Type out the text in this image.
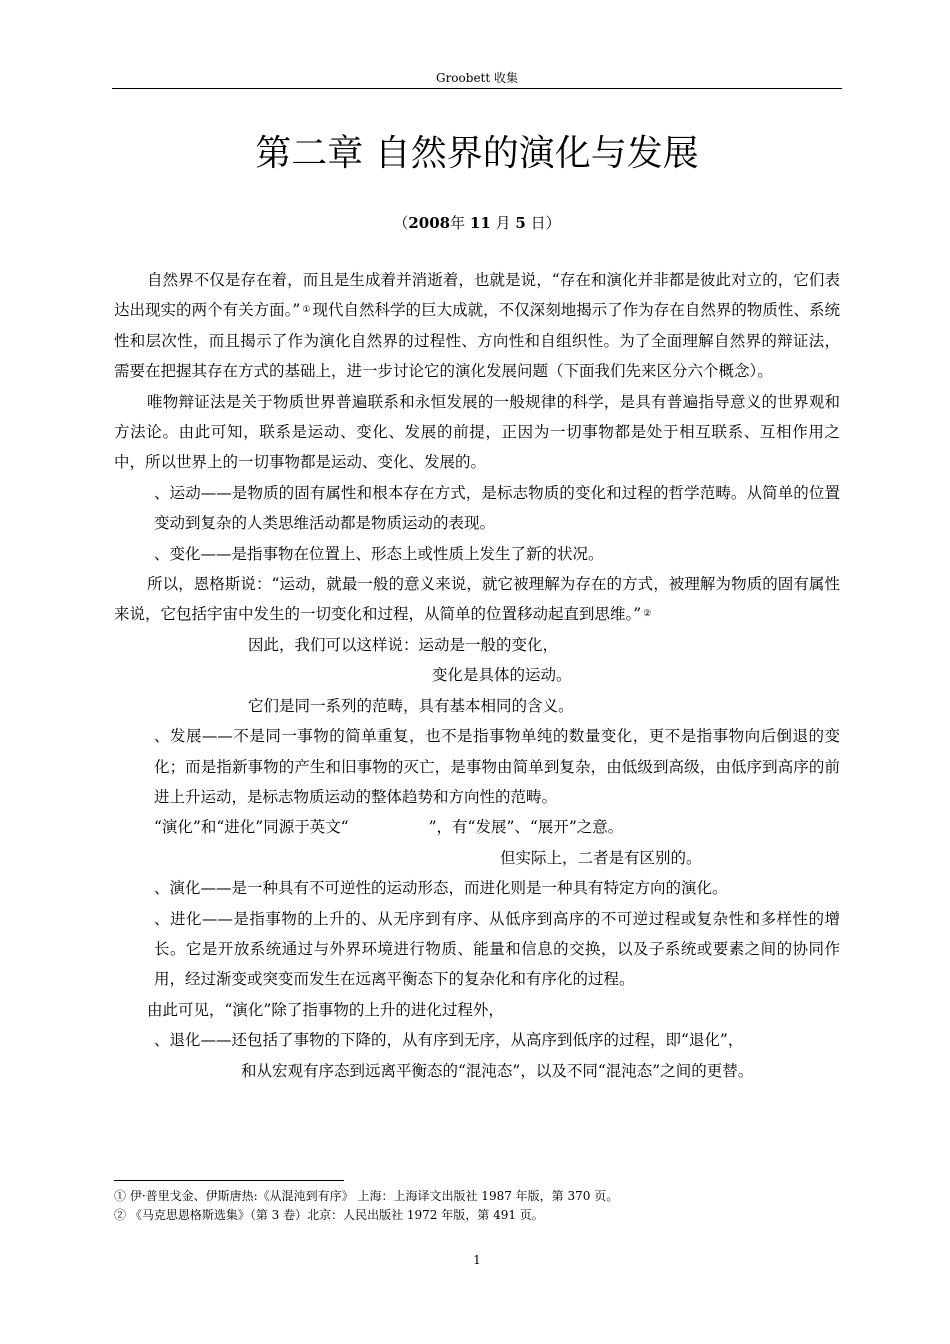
Groobett 收集
第二章 自然界的演化与发展
（2008年 11 月 5 日）

自然界不仅是存在着，而且是生成着并消逝着，也就是说，“存在和演化并非都是彼此对立的，它们表达出现实的两个有关方面。” ① 现代自然科学的巨大成就，不仅深刻地揭示了作为存在自然界的物质性、系统性和层次性，而且揭示了作为演化自然界的过程性、方向性和自组织性。为了全面理解自然界的辩证法，需要在把握其存在方式的基础上，进一步讨论它的演化发展问题（下面我们先来区分六个概念）。

唯物辩证法是关于物质世界普遍联系和永恒发展的一般规律的科学，是具有普遍指导意义的世界观和方法论。由此可知，联系是运动、变化、发展的前提，正因为一切事物都是处于相互联系、互相作用之中，所以世界上的一切事物都是运动、变化、发展的。

、运动——是物质的固有属性和根本存在方式，是标志物质的变化和过程的哲学范畴。从简单的位置变动到复杂的人类思维活动都是物质运动的表现。

、变化——是指事物在位置上、形态上或性质上发生了新的状况。

所以，恩格斯说：“运动，就最一般的意义来说，就它被理解为存在的方式，被理解为物质的固有属性来说，它包括宇宙中发生的一切变化和过程，从简单的位置移动起直到思维。” ②

因此，我们可以这样说：运动是一般的变化，

变化是具体的运动。

它们是同一系列的范畴，具有基本相同的含义。

、发展——不是同一事物的简单重复，也不是指事物单纯的数量变化，更不是指事物向后倒退的变化；而是指新事物的产生和旧事物的灭亡，是事物由简单到复杂，由低级到高级，由低序到高序的前进上升运动，是标志物质运动的整体趋势和方向性的范畴。

“演化”和“进化”同源于英文“	”，有“发展”、“展开”之意。

但实际上，二者是有区别的。

、演化——是一种具有不可逆性的运动形态，而进化则是一种具有特定方向的演化。

、进化——是指事物的上升的、从无序到有序、从低序到高序的不可逆过程或复杂性和多样性的增长。它是开放系统通过与外界环境进行物质、能量和信息的交换，以及子系统或要素之间的协同作用，经过渐变或突变而发生在远离平衡态下的复杂化和有序化的过程。

由此可见，“演化”除了指事物的上升的进化过程外，

、退化——还包括了事物的下降的，从有序到无序，从高序到低序的过程，即“退化”，

和从宏观有序态到远离平衡态的“混沌态”，以及不同“混沌态”之间的更替。

① 伊·普里戈金、伊斯唐热:《从混沌到有序》 上海：上海译文出版社 1987 年版，第 370 页。
② 《马克思恩格斯选集》（第 3 卷）北京：人民出版社 1972 年版，第 491 页。
1
